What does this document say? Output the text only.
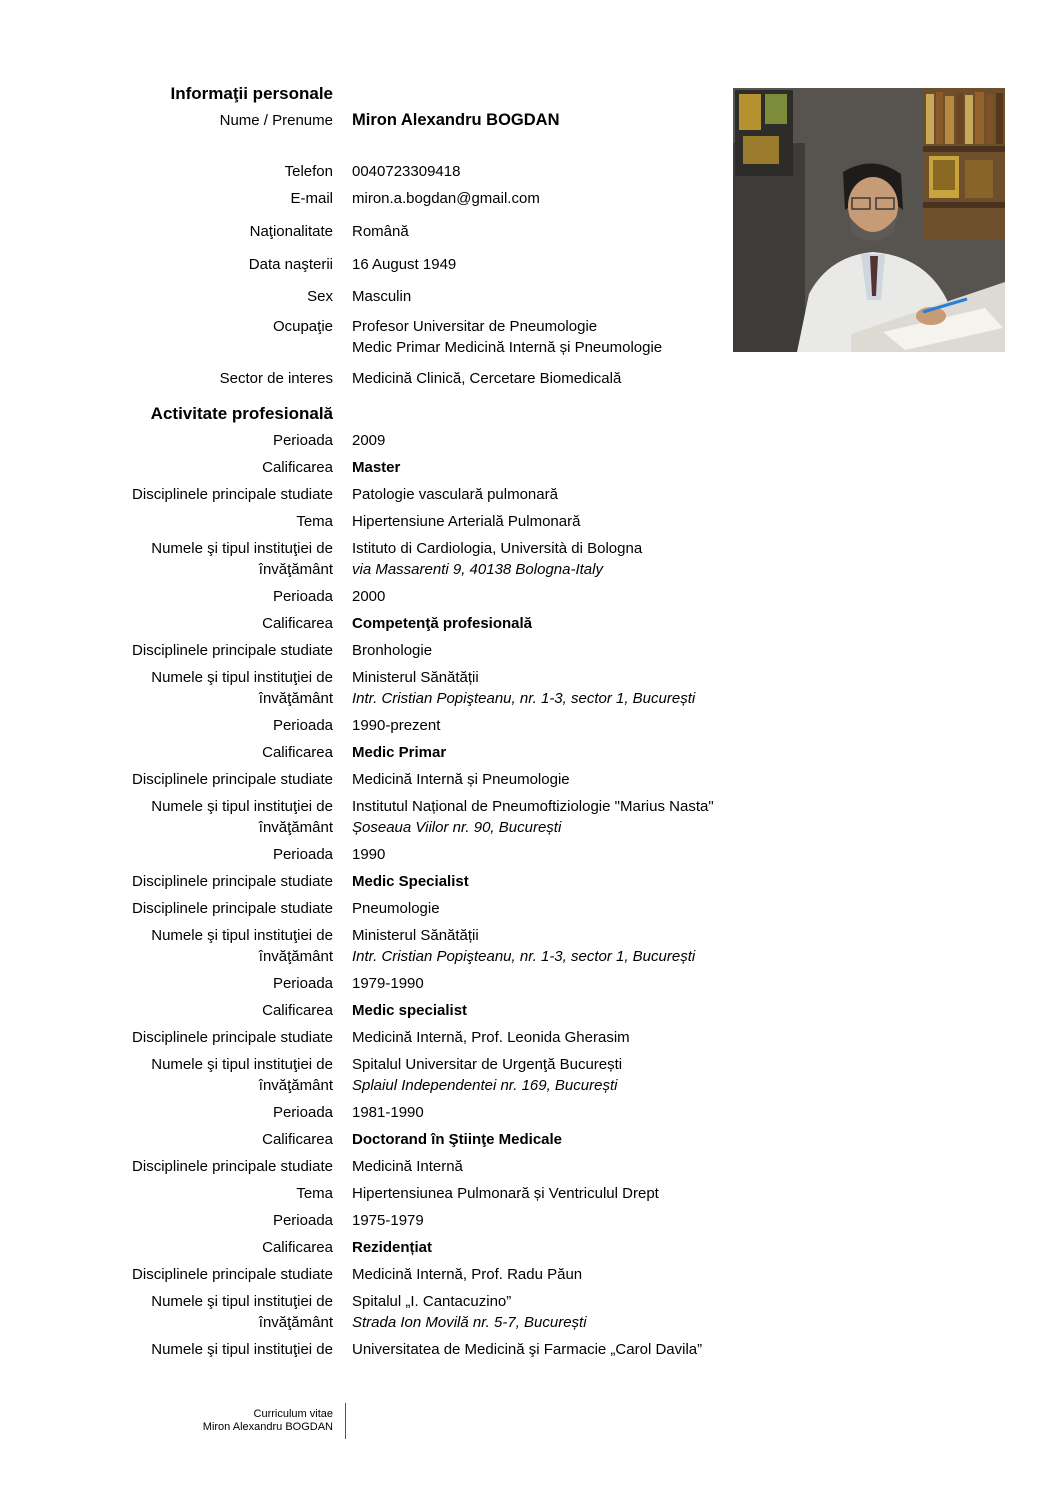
Informaţii personale
Nume / Prenume Miron Alexandru BOGDAN
Telefon 0040723309418
E-mail miron.a.bogdan@gmail.com
Naţionalitate Română
Data naşterii 16 August 1949
Sex Masculin
Ocupaţie Profesor Universitar de Pneumologie
Medic Primar Medicină Internă și Pneumologie
Sector de interes Medicină Clinică, Cercetare Biomedicală
Activitate profesională
Perioada 2009
Calificarea Master
Disciplinele principale studiate Patologie vasculară pulmonară
Tema Hipertensiune Arterială Pulmonară
Numele şi tipul instituţiei de
învăţământ
Istituto di Cardiologia, Università di Bologna
via Massarenti 9, 40138 Bologna-Italy
Perioada 2000
Calificarea Competenţă profesională
Disciplinele principale studiate Bronhologie
Numele şi tipul instituţiei de
învăţământ
Ministerul Sănătății
Intr. Cristian Popişteanu, nr. 1-3, sector 1, București
Perioada 1990-prezent
Calificarea Medic Primar
Disciplinele principale studiate Medicină Internă și Pneumologie
Numele şi tipul instituţiei de
învăţământ
Institutul Național de Pneumoftiziologie "Marius Nasta"
Șoseaua Viilor nr. 90, București
Perioada 1990
Disciplinele principale studiate Medic Specialist
Disciplinele principale studiate Pneumologie
Numele şi tipul instituţiei de
învăţământ
Ministerul Sănătății
Intr. Cristian Popişteanu, nr. 1-3, sector 1, București
Perioada 1979-1990
Calificarea Medic specialist
Disciplinele principale studiate Medicină Internă, Prof. Leonida Gherasim
Numele şi tipul instituţiei de
învăţământ
Spitalul Universitar de Urgenţă București
Splaiul Independentei nr. 169, București
Perioada 1981-1990
Calificarea Doctorand în Ştiinţe Medicale
Disciplinele principale studiate Medicină Internă
Tema Hipertensiunea Pulmonară și Ventriculul Drept
Perioada 1975-1979
Calificarea Rezidențiat
Disciplinele principale studiate Medicină Internă, Prof. Radu Păun
Numele şi tipul instituţiei de
învăţământ
Spitalul „I. Cantacuzino”
Strada Ion Movilă nr. 5-7, București
Numele şi tipul instituţiei de Universitatea de Medicină şi Farmacie „Carol Davila”
Curriculum vitae
Miron Alexandru BOGDAN
